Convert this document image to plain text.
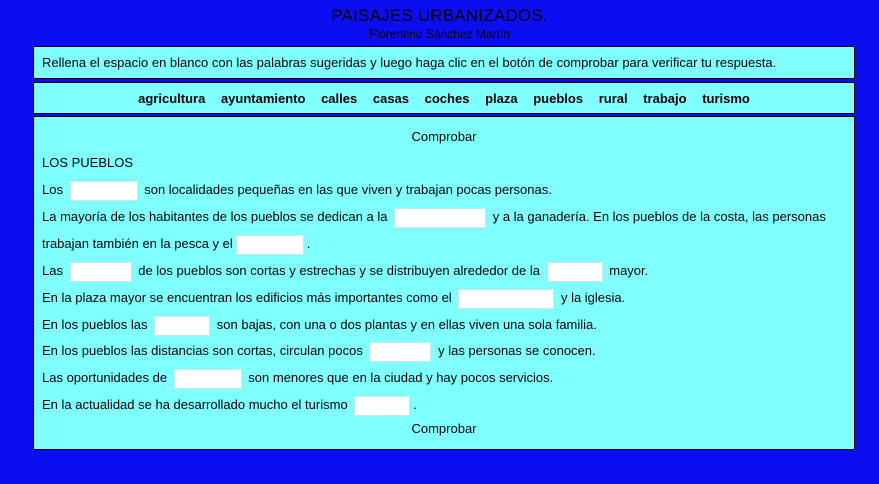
PAISAJES URBANIZADOS.
Florentino Sánchez Martín
Rellena el espacio en blanco con las palabras sugeridas y luego haga clic en el botón de comprobar para verificar tu respuesta.
agricultura ayuntamiento calles casas coches plaza pueblos rural trabajo turismo
Comprobar
LOS PUEBLOS
Los	son localidades pequeñas en las que viven y trabajan pocas personas.
La mayoría de los habitantes de los pueblos se dedican a la	y a la ganadería. En los pueblos de la costa, las personas
trabajan también en la pesca y el	.
Las	de los pueblos son cortas y estrechas y se distribuyen alrededor de la	mayor.
En la plaza mayor se encuentran los edificios más importantes como el	y la iglesia.
En los pueblos las	son bajas, con una o dos plantas y en ellas viven una sola familia.
En los pueblos las distancias son cortas, circulan pocos	y las personas se conocen.
Las oportunidades de	son menores que en la ciudad y hay pocos servicios.
En la actualidad se ha desarrollado mucho el turismo	.
Comprobar
